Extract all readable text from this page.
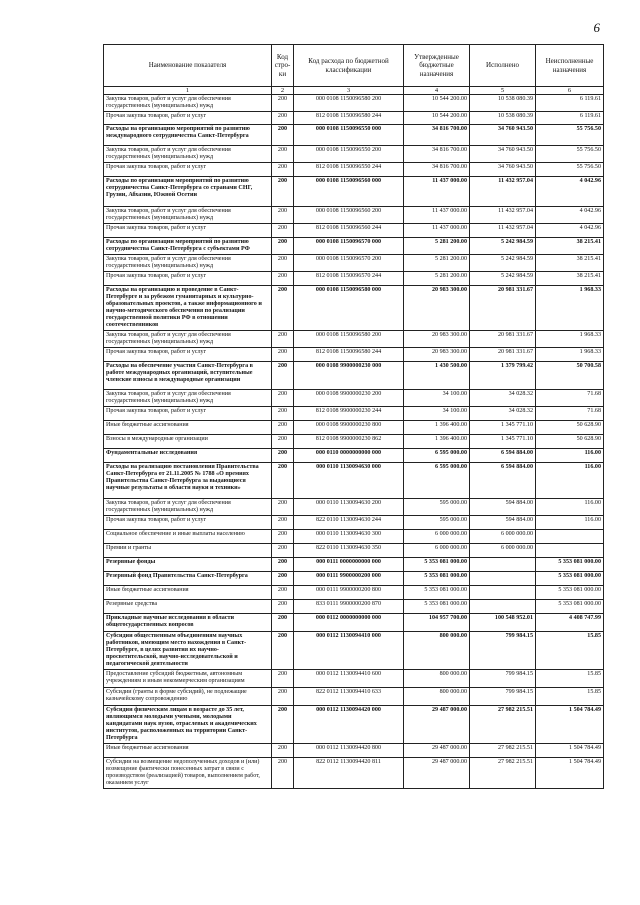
6
Наименование показателя	Код стро-ки	Код расхода по бюджетной классификации	Утвержденные бюджетные назначения	Исполнено	Неисполненные назначения
1	2	3	4	5	6
Закупка товаров, работ и услуг для обеспечения государственных (муниципальных) нужд	200	000 0108 1150096580 200	10 544 200.00	10 538 080.39	6 119.61
Прочая закупка товаров, работ и услуг	200	812 0108 1150096580 244	10 544 200.00	10 538 080.39	6 119.61
Расходы на организацию мероприятий по развитию международного сотрудничества Санкт-Петербурга	200	000 0108 1150096550 000	34 816 700.00	34 760 943.50	55 756.50
Закупка товаров, работ и услуг для обеспечения государственных (муниципальных) нужд	200	000 0108 1150096550 200	34 816 700.00	34 760 943.50	55 756.50
Прочая закупка товаров, работ и услуг	200	812 0108 1150096550 244	34 816 700.00	34 760 943.50	55 756.50
Расходы по организации мероприятий по развитию сотрудничества Санкт-Петербурга со странами СНГ, Грузии, Абхазии, Южной Осетии	200	000 0108 1150096560 000	11 437 000.00	11 432 957.04	4 042.96
Закупка товаров, работ и услуг для обеспечения государственных (муниципальных) нужд	200	000 0108 1150096560 200	11 437 000.00	11 432 957.04	4 042.96
Прочая закупка товаров, работ и услуг	200	812 0108 1150096560 244	11 437 000.00	11 432 957.04	4 042.96
Расходы по организации мероприятий по развитию сотрудничества Санкт-Петербурга с субъектами РФ	200	000 0108 1150096570 000	5 281 200.00	5 242 984.59	38 215.41
Закупка товаров, работ и услуг для обеспечения государственных (муниципальных) нужд	200	000 0108 1150096570 200	5 281 200.00	5 242 984.59	38 215.41
Прочая закупка товаров, работ и услуг	200	812 0108 1150096570 244	5 281 200.00	5 242 984.59	38 215.41
Расходы на организацию и проведение в Санкт-Петербурге и за рубежом гуманитарных и культурно-образовательных проектов, а также информационного и научно-методического обеспечения по реализации государственной политики РФ в отношении соотечественников	200	000 0108 1150096580 000	20 983 300.00	20 981 331.67	1 968.33
Закупка товаров, работ и услуг для обеспечения государственных (муниципальных) нужд	200	000 0108 1150096580 200	20 983 300.00	20 981 331.67	1 968.33
Прочая закупка товаров, работ и услуг	200	812 0108 1150096580 244	20 983 300.00	20 981 331.67	1 968.33
Расходы на обеспечение участия Санкт-Петербурга в работе международных организаций, вступительные членские взносы в международные организации	200	000 0108 9900000230 000	1 430 500.00	1 379 799.42	50 700.58
Закупка товаров, работ и услуг для обеспечения государственных (муниципальных) нужд	200	000 0108 9900000230 200	34 100.00	34 028.32	71.68
Прочая закупка товаров, работ и услуг	200	812 0108 9900000230 244	34 100.00	34 028.32	71.68
Иные бюджетные ассигнования	200	000 0108 9900000230 800	1 396 400.00	1 345 771.10	50 628.90
Взносы в международные организации	200	812 0108 9900000230 862	1 396 400.00	1 345 771.10	50 628.90
Фундаментальные исследования	200	000 0110 0000000000 000	6 595 000.00	6 594 884.00	116.00
Расходы на реализацию постановления Правительства Санкт-Петербурга от 21.11.2005 № 1788 «О премиях Правительства Санкт-Петербурга за выдающиеся научные результаты в области науки и техники»	200	000 0110 1130094630 000	6 595 000.00	6 594 884.00	116.00
Закупка товаров, работ и услуг для обеспечения государственных (муниципальных) нужд	200	000 0110 1130094630 200	595 000.00	594 884.00	116.00
Прочая закупка товаров, работ и услуг	200	822 0110 1130094630 244	595 000.00	594 884.00	116.00
Социальное обеспечение и иные выплаты населению	200	000 0110 1130094630 300	6 000 000.00	6 000 000.00	
Премии и гранты	200	822 0110 1130094630 350	6 000 000.00	6 000 000.00	
Резервные фонды	200	000 0111 0000000000 000	5 353 081 000.00		5 353 081 000.00
Резервный фонд Правительства Санкт-Петербурга	200	000 0111 9900000200 000	5 353 081 000.00		5 353 081 000.00
Иные бюджетные ассигнования	200	000 0111 9900000200 800	5 353 081 000.00		5 353 081 000.00
Резервные средства	200	833 0111 9900000200 870	5 353 081 000.00		5 353 081 000.00
Прикладные научные исследования в области общегосударственных вопросов	200	000 0112 0000000000 000	104 957 700.00	100 548 952.01	4 408 747.99
Субсидии общественным объединениям научных работников, имеющим место нахождения в Санкт-Петербурге, в целях развития их научно-просветительской, научно-исследовательской и педагогической деятельности	200	000 0112 1130094410 000	800 000.00	799 984.15	15.85
Предоставление субсидий бюджетным, автономным учреждениям и иным некоммерческим организациям	200	000 0112 1130094410 600	800 000.00	799 984.15	15.85
Субсидии (гранты в форме субсидий), не подлежащие казначейскому сопровождению	200	822 0112 1130094410 633	800 000.00	799 984.15	15.85
Субсидии физическим лицам в возрасте до 35 лет, являющимся молодыми учеными, молодыми кандидатами наук вузов, отраслевых и академических институтов, расположенных на территории Санкт-Петербурга	200	000 0112 1130094420 000	29 487 000.00	27 982 215.51	1 504 784.49
Иные бюджетные ассигнования	200	000 0112 1130094420 800	29 487 000.00	27 982 215.51	1 504 784.49
Субсидии на возмещение недополученных доходов и (или) возмещение фактически понесенных затрат в связи с производством (реализацией) товаров, выполнением работ, оказанием услуг	200	822 0112 1130094420 811	29 487 000.00	27 982 215.51	1 504 784.49
